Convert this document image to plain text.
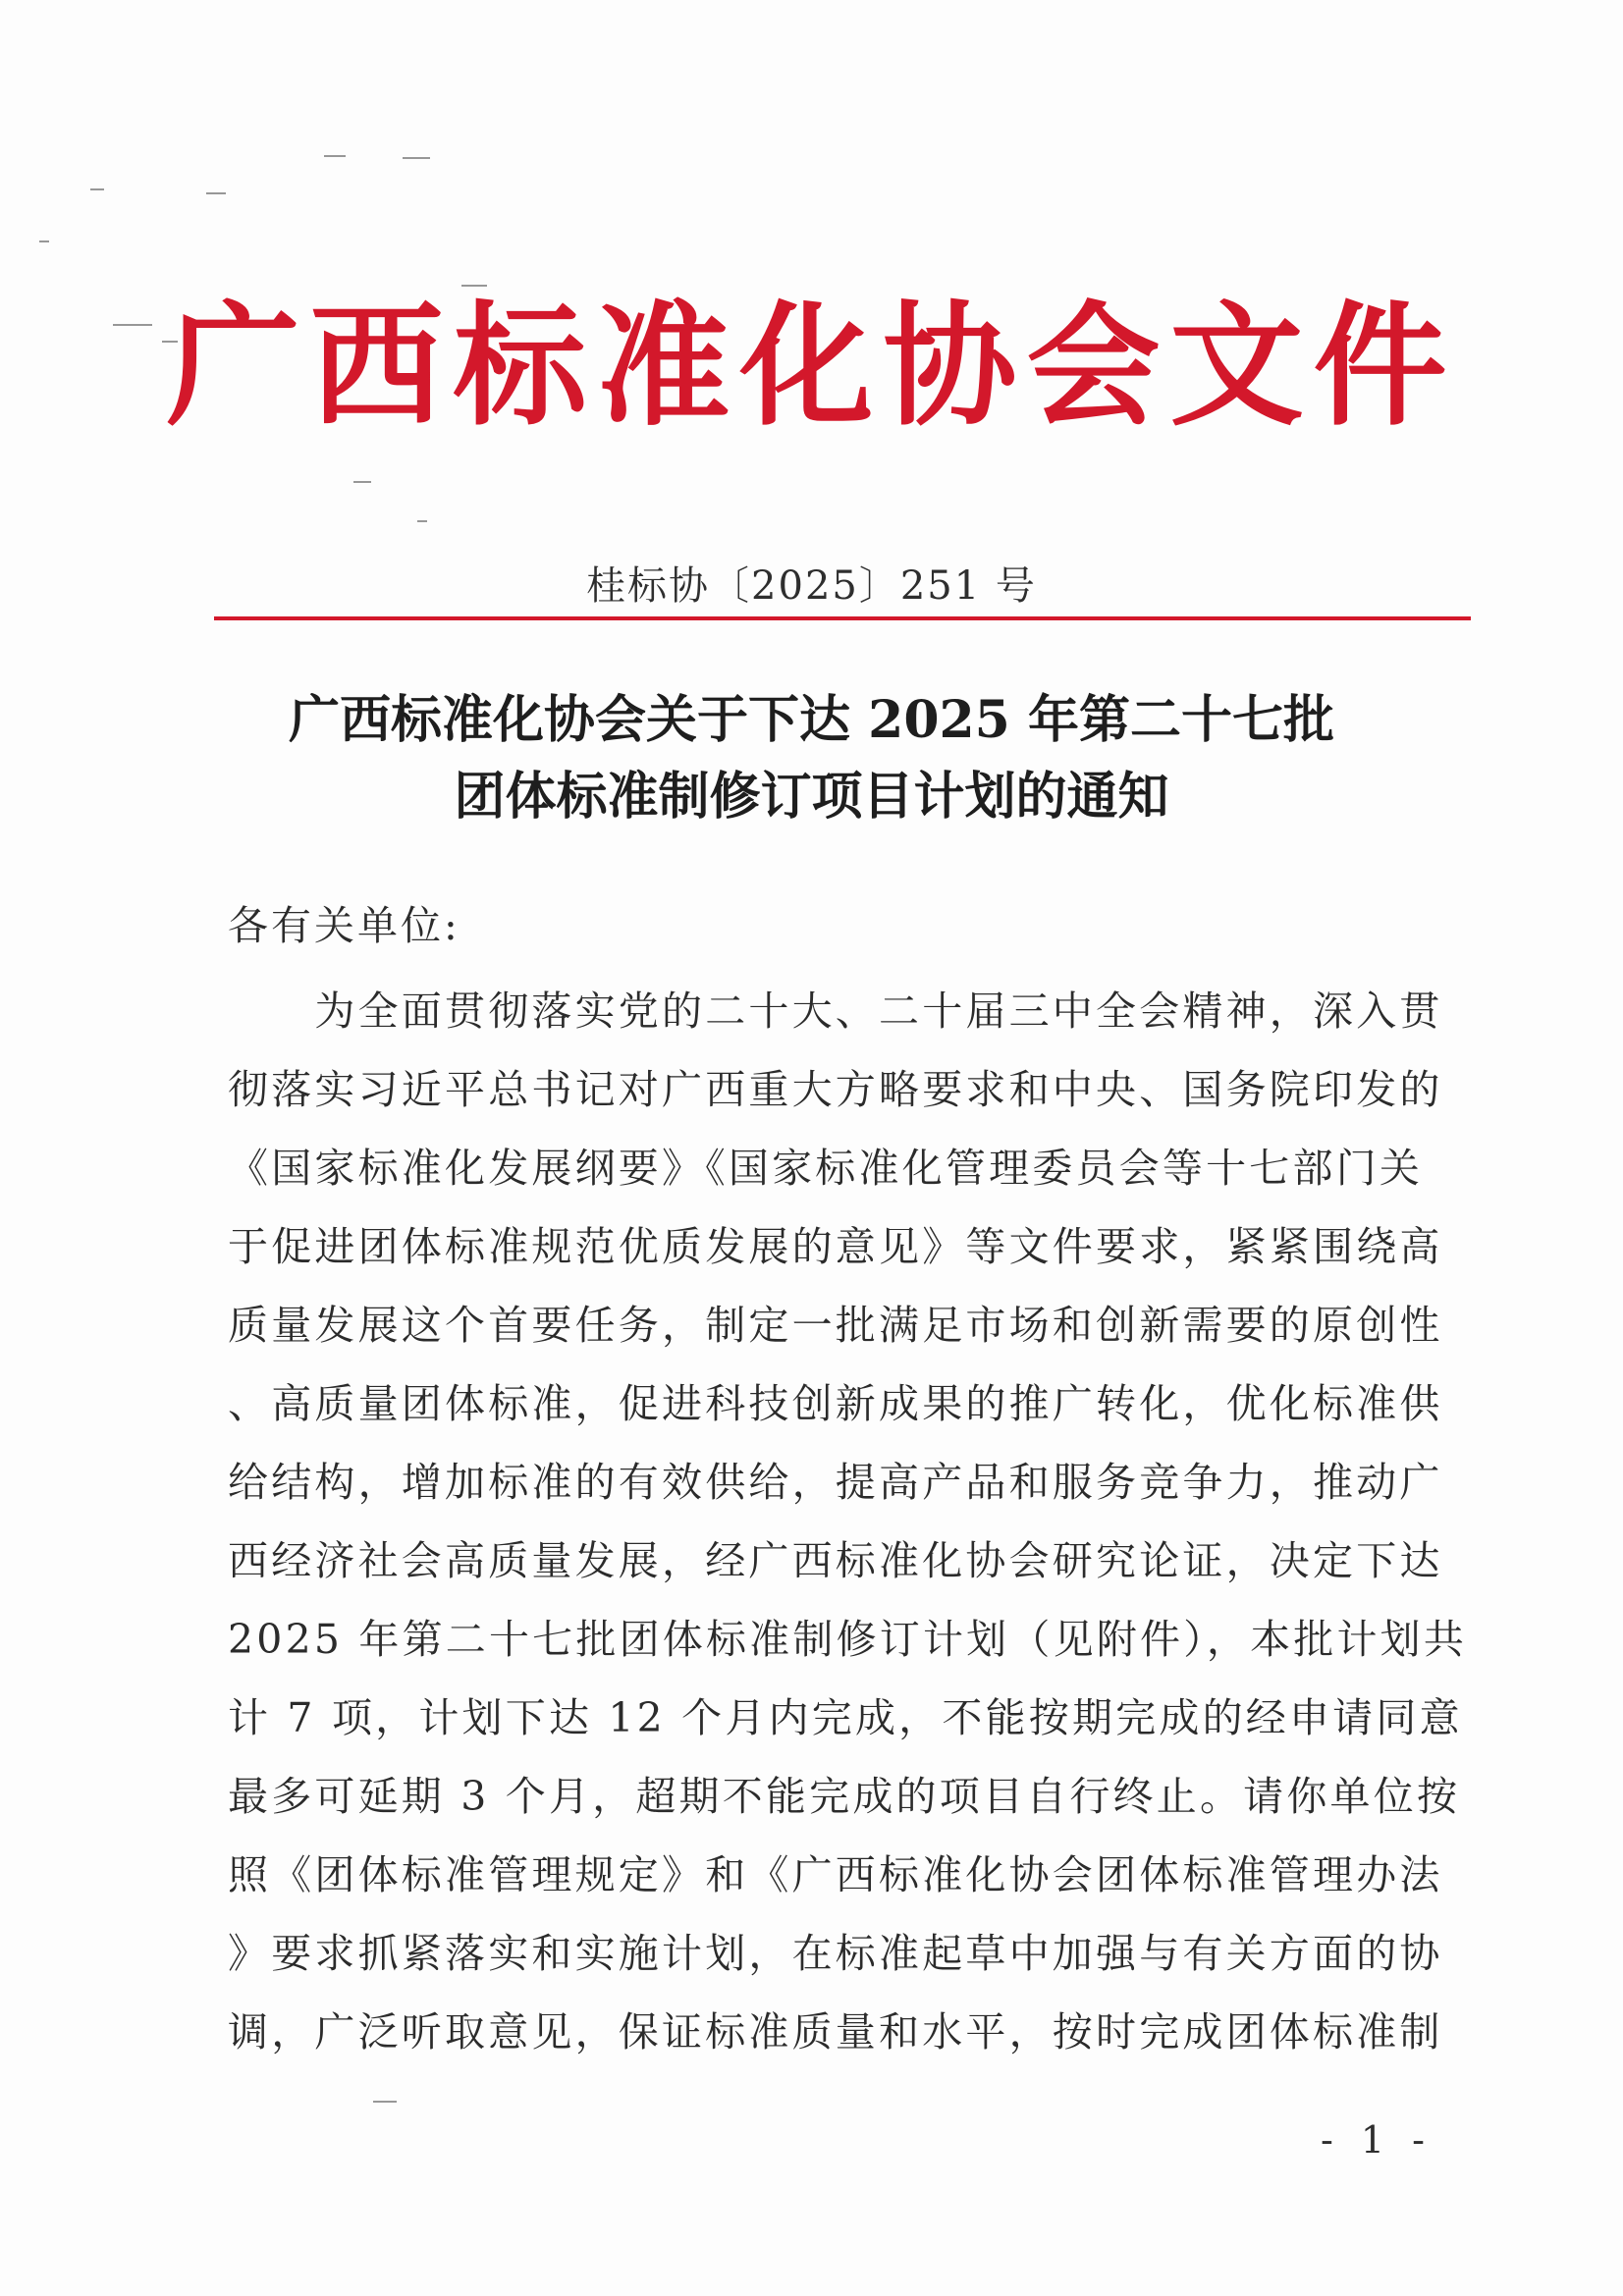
广西标准化协会文件

桂标协〔2025〕251 号

广西标准化协会关于下达 2025 年第二十七批
团体标准制修订项目计划的通知

各有关单位:

　　为全面贯彻落实党的二十大、二十届三中全会精神，深入贯
彻落实习近平总书记对广西重大方略要求和中央、国务院印发的
《国家标准化发展纲要》《国家标准化管理委员会等十七部门关
于促进团体标准规范优质发展的意见》等文件要求，紧紧围绕高
质量发展这个首要任务，制定一批满足市场和创新需要的原创性
、高质量团体标准，促进科技创新成果的推广转化，优化标准供
给结构，增加标准的有效供给，提高产品和服务竞争力，推动广
西经济社会高质量发展，经广西标准化协会研究论证，决定下达
2025 年第二十七批团体标准制修订计划（见附件），本批计划共
计 7 项，计划下达 12 个月内完成，不能按期完成的经申请同意
最多可延期 3 个月，超期不能完成的项目自行终止。请你单位按
照《团体标准管理规定》和《广西标准化协会团体标准管理办法
》要求抓紧落实和实施计划，在标准起草中加强与有关方面的协
调，广泛听取意见，保证标准质量和水平，按时完成团体标准制

- 1 -
